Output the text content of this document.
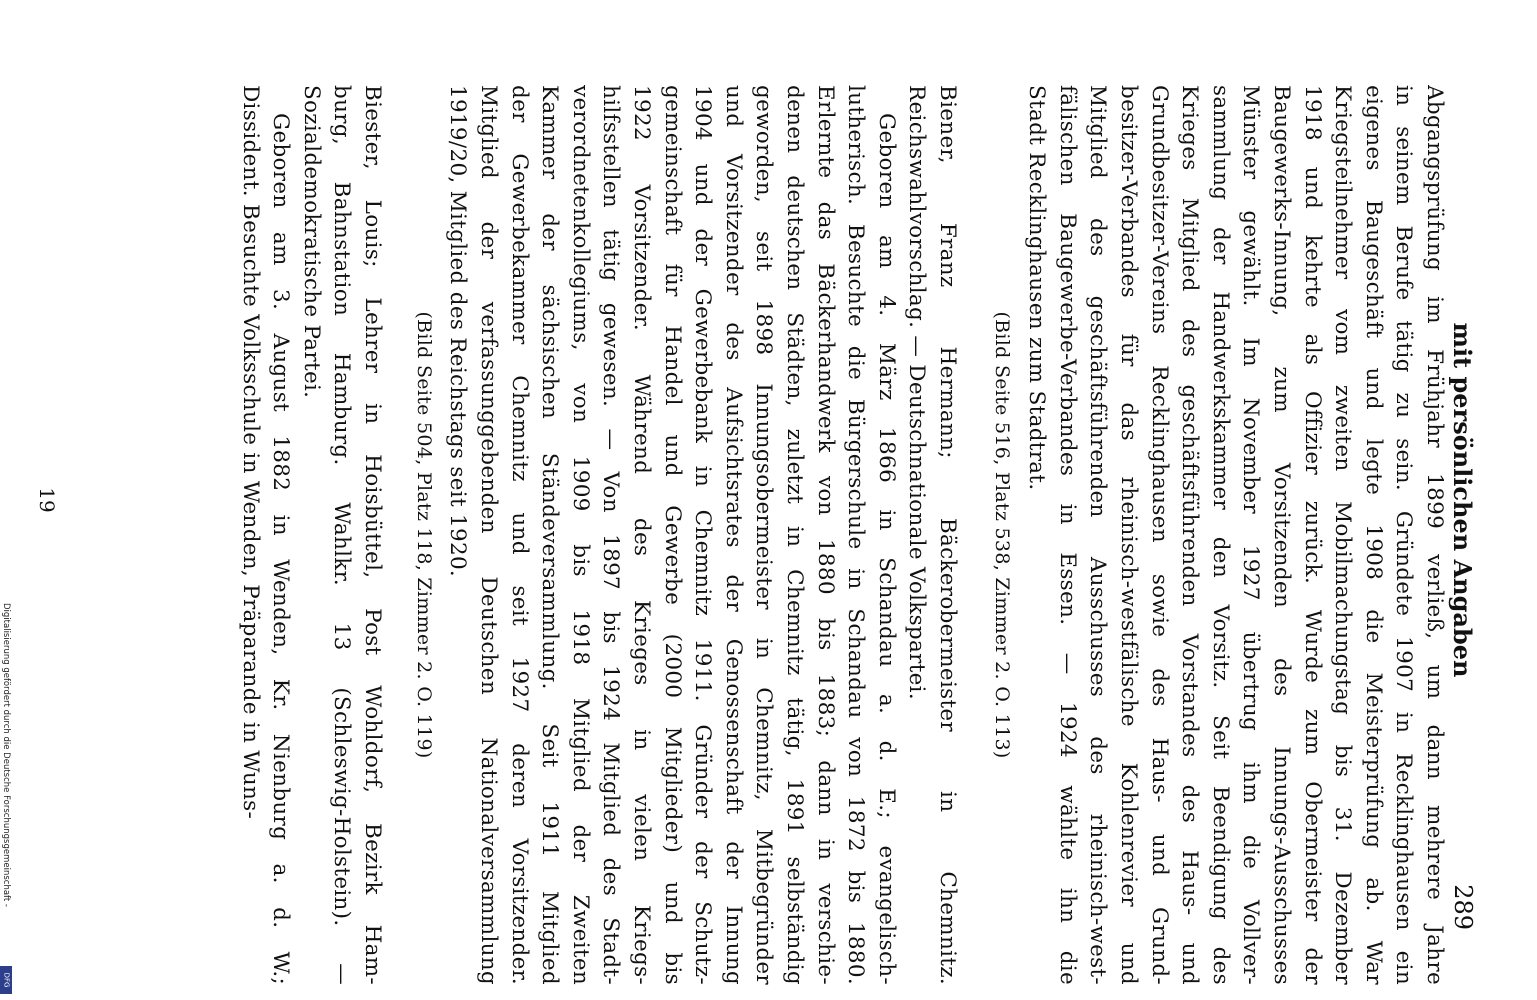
Digitalisierung gefördert durch die Deutsche Forschungsgemeinschaft -
DFG
mit persönlichen Angaben
289
Abgangsprüfung im Frühjahr 1899 verließ, um dann mehrere Jahre
in seinem Berufe tätig zu sein. Gründete 1907 in Recklinghausen ein
eigenes Baugeschäft und legte 1908 die Meisterprüfung ab. War
Kriegsteilnehmer vom zweiten Mobilmachungstag bis 31. Dezember
1918 und kehrte als Offizier zurück. Wurde zum Obermeister der
Baugewerks-Innung, zum Vorsitzenden des Innungs-Ausschusses
Münster gewählt. Im November 1927 übertrug ihm die Vollver-
sammlung der Handwerkskammer den Vorsitz. Seit Beendigung des
Krieges Mitglied des geschäftsführenden Vorstandes des Haus- und
Grundbesitzer-Vereins Recklinghausen sowie des Haus- und Grund-
besitzer-Verbandes für das rheinisch-westfälische Kohlenrevier und
Mitglied des geschäftsführenden Ausschusses des rheinisch-west-
fälischen Baugewerbe-Verbandes in Essen. — 1924 wählte ihn die
Stadt Recklinghausen zum Stadtrat.
(Bild Seite 516, Platz 538, Zimmer 2. O. 113)
Biener, Franz Hermann; Bäckerobermeister in Chemnitz.
Reichswahlvorschlag. — Deutschnationale Volkspartei.
Geboren am 4. März 1866 in Schandau a. d. E.; evangelisch-
lutherisch. Besuchte die Bürgerschule in Schandau von 1872 bis 1880.
Erlernte das Bäckerhandwerk von 1880 bis 1883; dann in verschie-
denen deutschen Städten, zuletzt in Chemnitz tätig, 1891 selbständig
geworden, seit 1898 Innungsobermeister in Chemnitz, Mitbegründer
und Vorsitzender des Aufsichtsrates der Genossenschaft der Innung
1904 und der Gewerbebank in Chemnitz 1911. Gründer der Schutz-
gemeinschaft für Handel und Gewerbe (2000 Mitglieder) und bis
1922 Vorsitzender. Während des Krieges in vielen Kriegs-
hilfsstellen tätig gewesen. — Von 1897 bis 1924 Mitglied des Stadt-
verordnetenkollegiums, von 1909 bis 1918 Mitglied der Zweiten
Kammer der sächsischen Ständeversammlung. Seit 1911 Mitglied
der Gewerbekammer Chemnitz und seit 1927 deren Vorsitzender.
Mitglied der verfassunggebenden Deutschen Nationalversammlung
1919/20, Mitglied des Reichstags seit 1920.
(Bild Seite 504, Platz 118, Zimmer 2. O. 119)
Biester, Louis; Lehrer in Hoisbüttel, Post Wohldorf, Bezirk Ham-
burg, Bahnstation Hamburg. Wahlkr. 13 (Schleswig-Holstein). —
Sozialdemokratische Partei.
Geboren am 3. August 1882 in Wenden, Kr. Nienburg a. d. W.;
Dissident. Besuchte Volksschule in Wenden, Präparande in Wuns-
19
